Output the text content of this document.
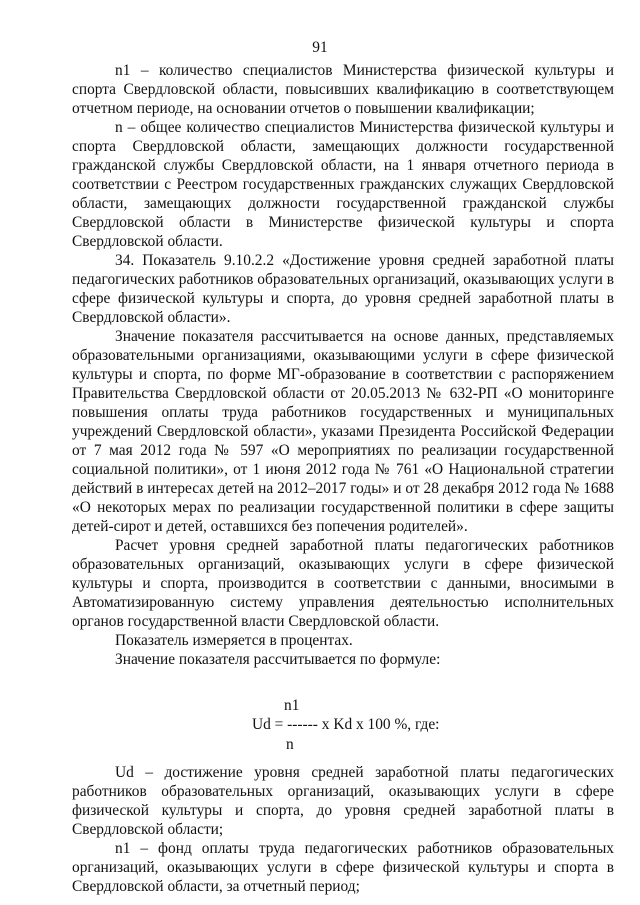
91

n1 – количество специалистов Министерства физической культуры и спорта Свердловской области, повысивших квалификацию в соответствующем отчетном периоде, на основании отчетов о повышении квалификации;

n – общее количество специалистов Министерства физической культуры и спорта Свердловской области, замещающих должности государственной гражданской службы Свердловской области, на 1 января отчетного периода в соответствии с Реестром государственных гражданских служащих Свердловской области, замещающих должности государственной гражданской службы Свердловской области в Министерстве физической культуры и спорта Свердловской области.

34. Показатель 9.10.2.2 «Достижение уровня средней заработной платы педагогических работников образовательных организаций, оказывающих услуги в сфере физической культуры и спорта, до уровня средней заработной платы в Свердловской области».

Значение показателя рассчитывается на основе данных, представляемых образовательными организациями, оказывающими услуги в сфере физической культуры и спорта, по форме МГ-образование в соответствии с распоряжением Правительства Свердловской области от 20.05.2013 № 632-РП «О мониторинге повышения оплаты труда работников государственных и муниципальных учреждений Свердловской области», указами Президента Российской Федерации от 7 мая 2012 года № 597 «О мероприятиях по реализации государственной социальной политики», от 1 июня 2012 года № 761 «О Национальной стратегии действий в интересах детей на 2012–2017 годы» и от 28 декабря 2012 года № 1688 «О некоторых мерах по реализации государственной политики в сфере защиты детей-сирот и детей, оставшихся без попечения родителей».

Расчет уровня средней заработной платы педагогических работников образовательных организаций, оказывающих услуги в сфере физической культуры и спорта, производится в соответствии с данными, вносимыми в Автоматизированную систему управления деятельностью исполнительных органов государственной власти Свердловской области.

Показатель измеряется в процентах.

Значение показателя рассчитывается по формуле:

n1
Ud = ------ x Kd x 100 %, где:
n

Ud – достижение уровня средней заработной платы педагогических работников образовательных организаций, оказывающих услуги в сфере физической культуры и спорта, до уровня средней заработной платы в Свердловской области;

n1 – фонд оплаты труда педагогических работников образовательных организаций, оказывающих услуги в сфере физической культуры и спорта в Свердловской области, за отчетный период;
